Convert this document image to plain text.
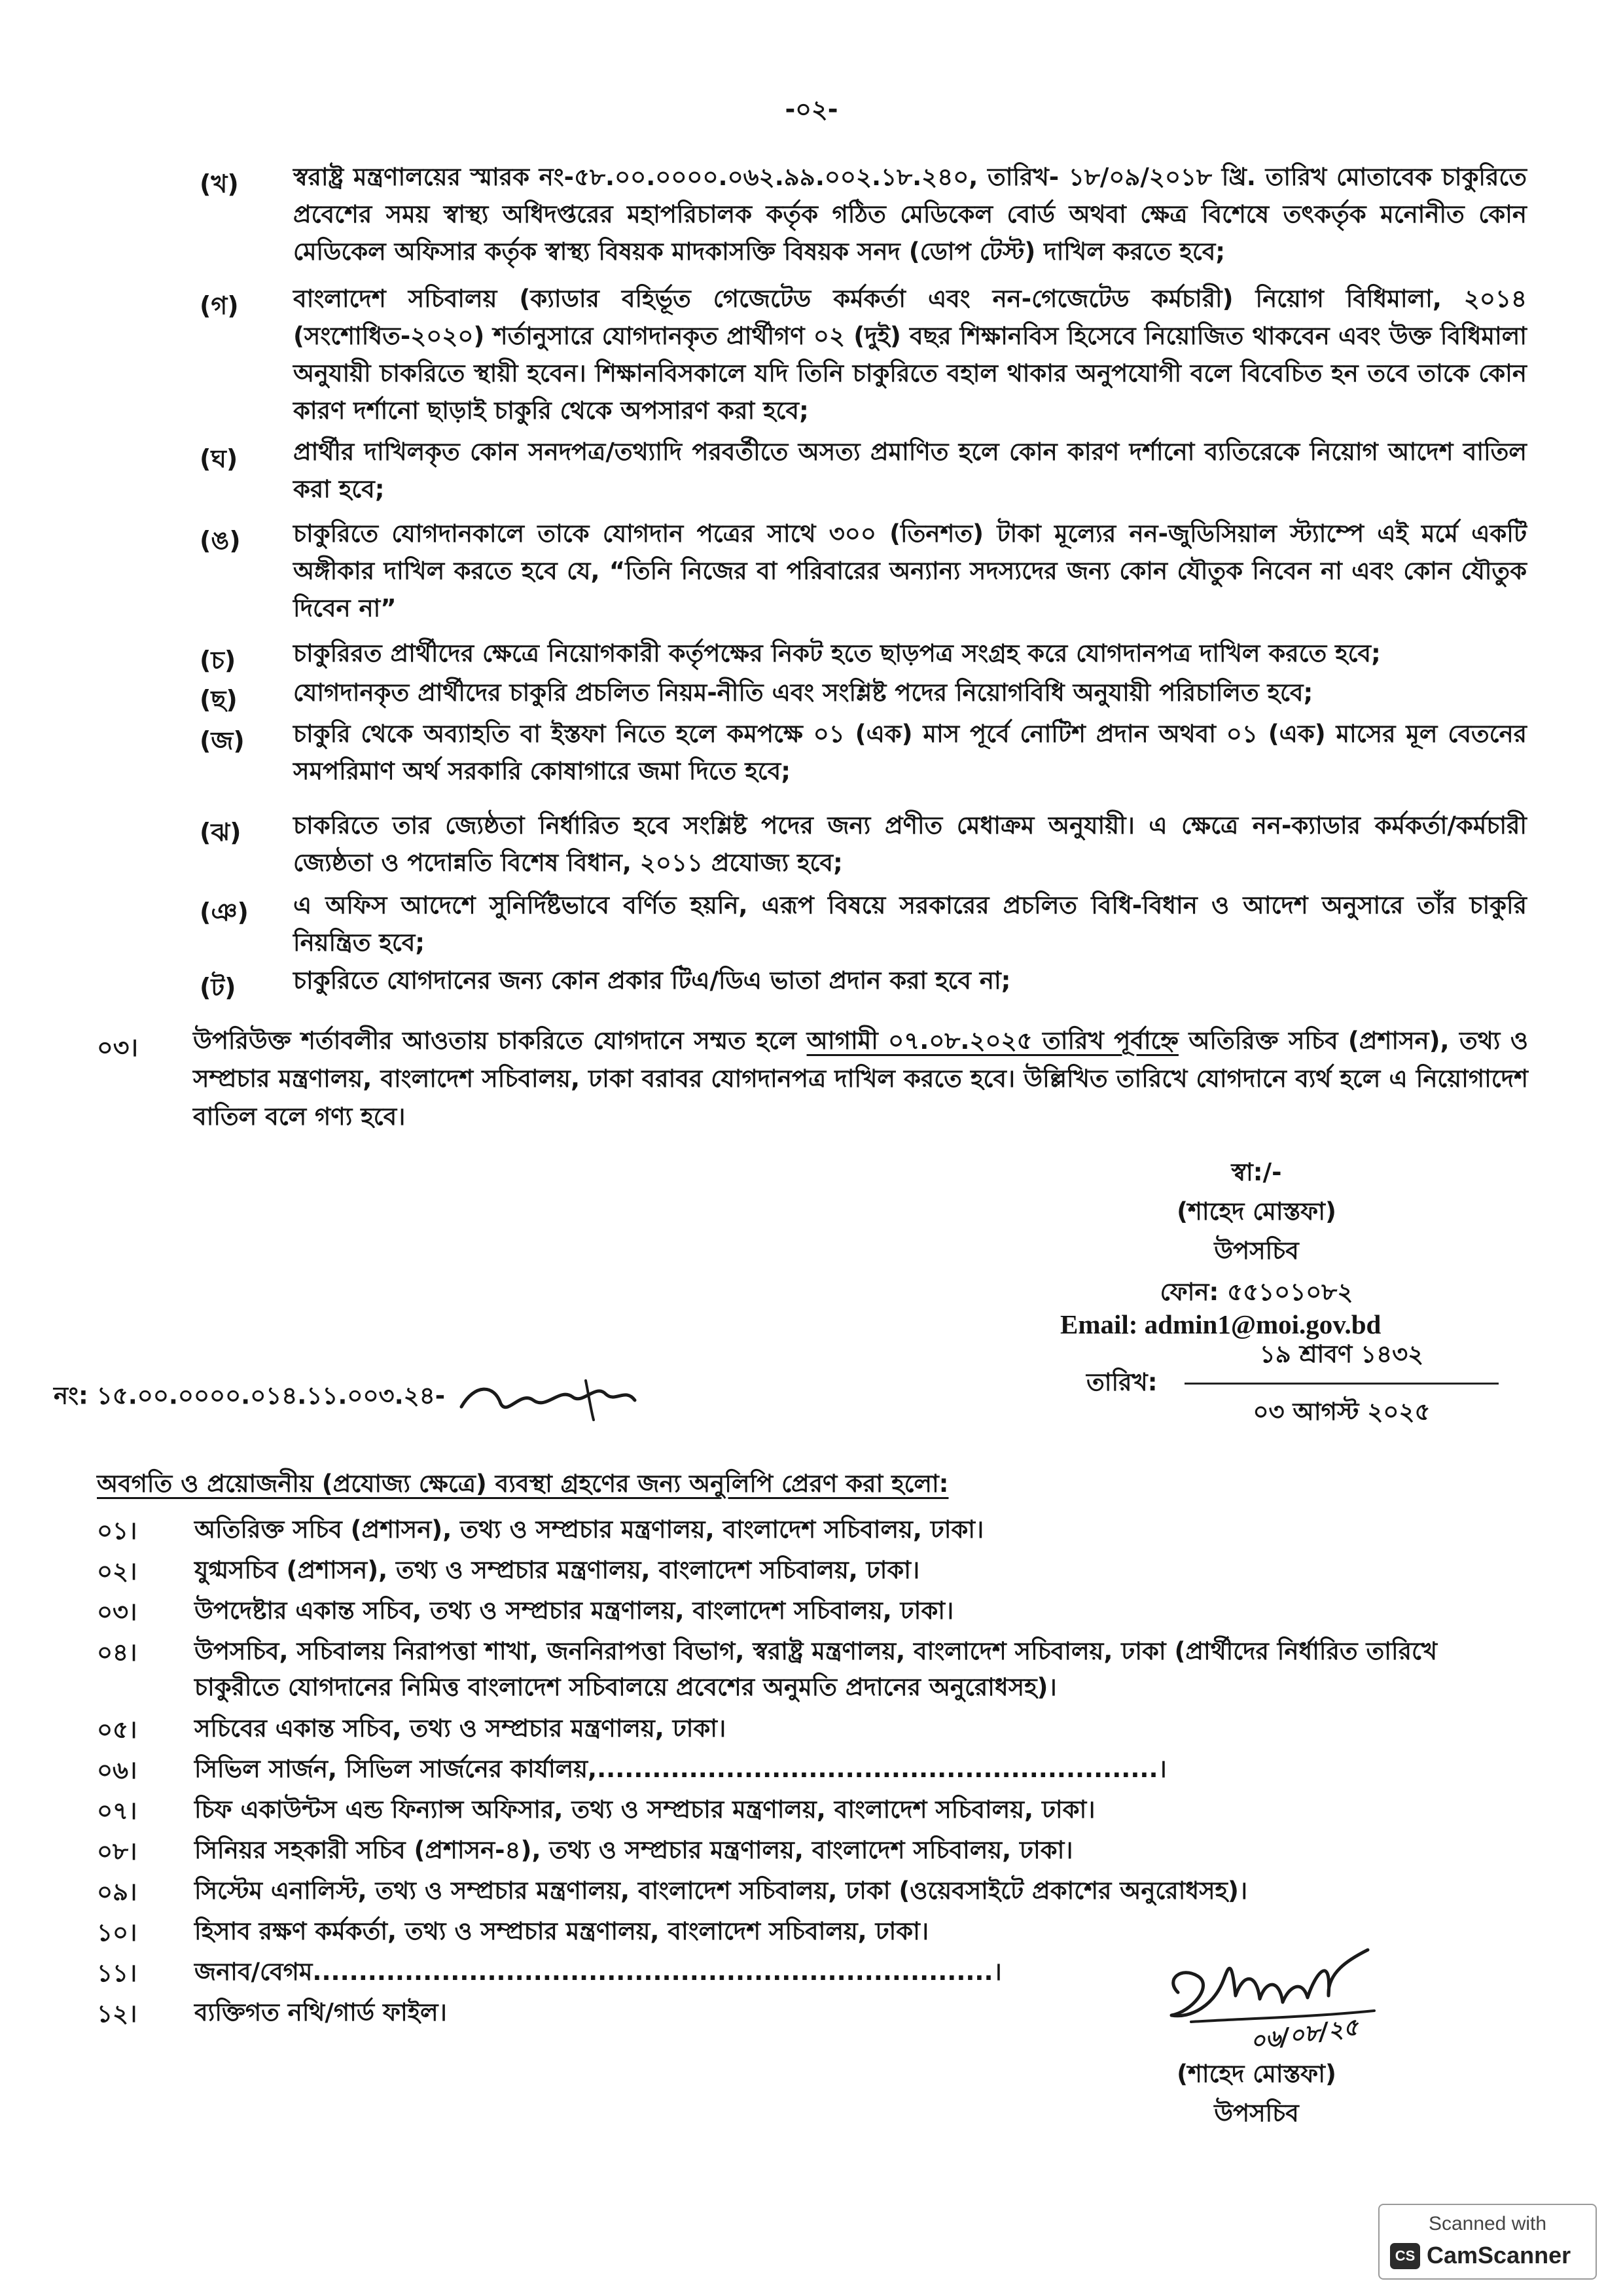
-০২-
(খ)	স্বরাষ্ট্র মন্ত্রণালয়ের স্মারক নং-৫৮.০০.০০০০.০৬২.৯৯.০০২.১৮.২৪০, তারিখ- ১৮/০৯/২০১৮ খ্রি. তারিখ মোতাবেক চাকুরিতে প্রবেশের সময় স্বাস্থ্য অধিদপ্তরের মহাপরিচালক কর্তৃক গঠিত মেডিকেল বোর্ড অথবা ক্ষেত্র বিশেষে তৎকর্তৃক মনোনীত কোন মেডিকেল অফিসার কর্তৃক স্বাস্থ্য বিষয়ক মাদকাসক্তি বিষয়ক সনদ (ডোপ টেস্ট) দাখিল করতে হবে;
(গ)	বাংলাদেশ সচিবালয় (ক্যাডার বহির্ভূত গেজেটেড কর্মকর্তা এবং নন-গেজেটেড কর্মচারী) নিয়োগ বিধিমালা, ২০১৪ (সংশোধিত-২০২০) শর্তানুসারে যোগদানকৃত প্রার্থীগণ ০২ (দুই) বছর শিক্ষানবিস হিসেবে নিয়োজিত থাকবেন এবং উক্ত বিধিমালা অনুযায়ী চাকরিতে স্থায়ী হবেন। শিক্ষানবিসকালে যদি তিনি চাকুরিতে বহাল থাকার অনুপযোগী বলে বিবেচিত হন তবে তাকে কোন কারণ দর্শানো ছাড়াই চাকুরি থেকে অপসারণ করা হবে;
(ঘ)	প্রার্থীর দাখিলকৃত কোন সনদপত্র/তথ্যাদি পরবর্তীতে অসত্য প্রমাণিত হলে কোন কারণ দর্শানো ব্যতিরেকে নিয়োগ আদেশ বাতিল করা হবে;
(ঙ)	চাকুরিতে যোগদানকালে তাকে যোগদান পত্রের সাথে ৩০০ (তিনশত) টাকা মূল্যের নন-জুডিসিয়াল স্ট্যাম্পে এই মর্মে একটি অঙ্গীকার দাখিল করতে হবে যে, “তিনি নিজের বা পরিবারের অন্যান্য সদস্যদের জন্য কোন যৌতুক নিবেন না এবং কোন যৌতুক দিবেন না”
(চ)	চাকুরিরত প্রার্থীদের ক্ষেত্রে নিয়োগকারী কর্তৃপক্ষের নিকট হতে ছাড়পত্র সংগ্রহ করে যোগদানপত্র দাখিল করতে হবে;
(ছ)	যোগদানকৃত প্রার্থীদের চাকুরি প্রচলিত নিয়ম-নীতি এবং সংশ্লিষ্ট পদের নিয়োগবিধি অনুযায়ী পরিচালিত হবে;
(জ)	চাকুরি থেকে অব্যাহতি বা ইস্তফা নিতে হলে কমপক্ষে ০১ (এক) মাস পূর্বে নোটিশ প্রদান অথবা ০১ (এক) মাসের মূল বেতনের সমপরিমাণ অর্থ সরকারি কোষাগারে জমা দিতে হবে;
(ঝ)	চাকরিতে তার জ্যেষ্ঠতা নির্ধারিত হবে সংশ্লিষ্ট পদের জন্য প্রণীত মেধাক্রম অনুযায়ী। এ ক্ষেত্রে নন-ক্যাডার কর্মকর্তা/কর্মচারী জ্যেষ্ঠতা ও পদোন্নতি বিশেষ বিধান, ২০১১ প্রযোজ্য হবে;
(ঞ)	এ অফিস আদেশে সুনির্দিষ্টভাবে বর্ণিত হয়নি, এরূপ বিষয়ে সরকারের প্রচলিত বিধি-বিধান ও আদেশ অনুসারে তাঁর চাকুরি নিয়ন্ত্রিত হবে;
(ট)	চাকুরিতে যোগদানের জন্য কোন প্রকার টিএ/ডিএ ভাতা প্রদান করা হবে না;
০৩। উপরিউক্ত শর্তাবলীর আওতায় চাকরিতে যোগদানে সম্মত হলে আগামী ০৭.০৮.২০২৫ তারিখ পূর্বাহ্নে অতিরিক্ত সচিব (প্রশাসন), তথ্য ও সম্প্রচার মন্ত্রণালয়, বাংলাদেশ সচিবালয়, ঢাকা বরাবর যোগদানপত্র দাখিল করতে হবে। উল্লিখিত তারিখে যোগদানে ব্যর্থ হলে এ নিয়োগাদেশ বাতিল বলে গণ্য হবে।
স্বা:/-
(শাহেদ মোস্তফা)
উপসচিব
ফোন: ৫৫১০১০৮২
Email: admin1@moi.gov.bd
নং: ১৫.০০.০০০০.০১৪.১১.০০৩.২৪-	তারিখ:
১৯ শ্রাবণ ১৪৩২
০৩ আগস্ট ২০২৫
অবগতি ও প্রয়োজনীয় (প্রযোজ্য ক্ষেত্রে) ব্যবস্থা গ্রহণের জন্য অনুলিপি প্রেরণ করা হলো:
০১। অতিরিক্ত সচিব (প্রশাসন), তথ্য ও সম্প্রচার মন্ত্রণালয়, বাংলাদেশ সচিবালয়, ঢাকা।
০২। যুগ্মসচিব (প্রশাসন), তথ্য ও সম্প্রচার মন্ত্রণালয়, বাংলাদেশ সচিবালয়, ঢাকা।
০৩। উপদেষ্টার একান্ত সচিব, তথ্য ও সম্প্রচার মন্ত্রণালয়, বাংলাদেশ সচিবালয়, ঢাকা।
০৪। উপসচিব, সচিবালয় নিরাপত্তা শাখা, জননিরাপত্তা বিভাগ, স্বরাষ্ট্র মন্ত্রণালয়, বাংলাদেশ সচিবালয়, ঢাকা (প্রার্থীদের নির্ধারিত তারিখে চাকুরীতে যোগদানের নিমিত্ত বাংলাদেশ সচিবালয়ে প্রবেশের অনুমতি প্রদানের অনুরোধসহ)।
০৫। সচিবের একান্ত সচিব, তথ্য ও সম্প্রচার মন্ত্রণালয়, ঢাকা।
০৬। সিভিল সার্জন, সিভিল সার্জনের কার্যালয়,.............................................................।
০৭। চিফ একাউন্টস এন্ড ফিন্যান্স অফিসার, তথ্য ও সম্প্রচার মন্ত্রণালয়, বাংলাদেশ সচিবালয়, ঢাকা।
০৮। সিনিয়র সহকারী সচিব (প্রশাসন-৪), তথ্য ও সম্প্রচার মন্ত্রণালয়, বাংলাদেশ সচিবালয়, ঢাকা।
০৯। সিস্টেম এনালিস্ট, তথ্য ও সম্প্রচার মন্ত্রণালয়, বাংলাদেশ সচিবালয়, ঢাকা (ওয়েবসাইটে প্রকাশের অনুরোধসহ)।
১০। হিসাব রক্ষণ কর্মকর্তা, তথ্য ও সম্প্রচার মন্ত্রণালয়, বাংলাদেশ সচিবালয়, ঢাকা।
১১। জনাব/বেগম..........................................................................।
১২। ব্যক্তিগত নথি/গার্ড ফাইল।
০৬/০৮/২৫
(শাহেদ মোস্তফা)
উপসচিব
Scanned with
CS CamScanner
